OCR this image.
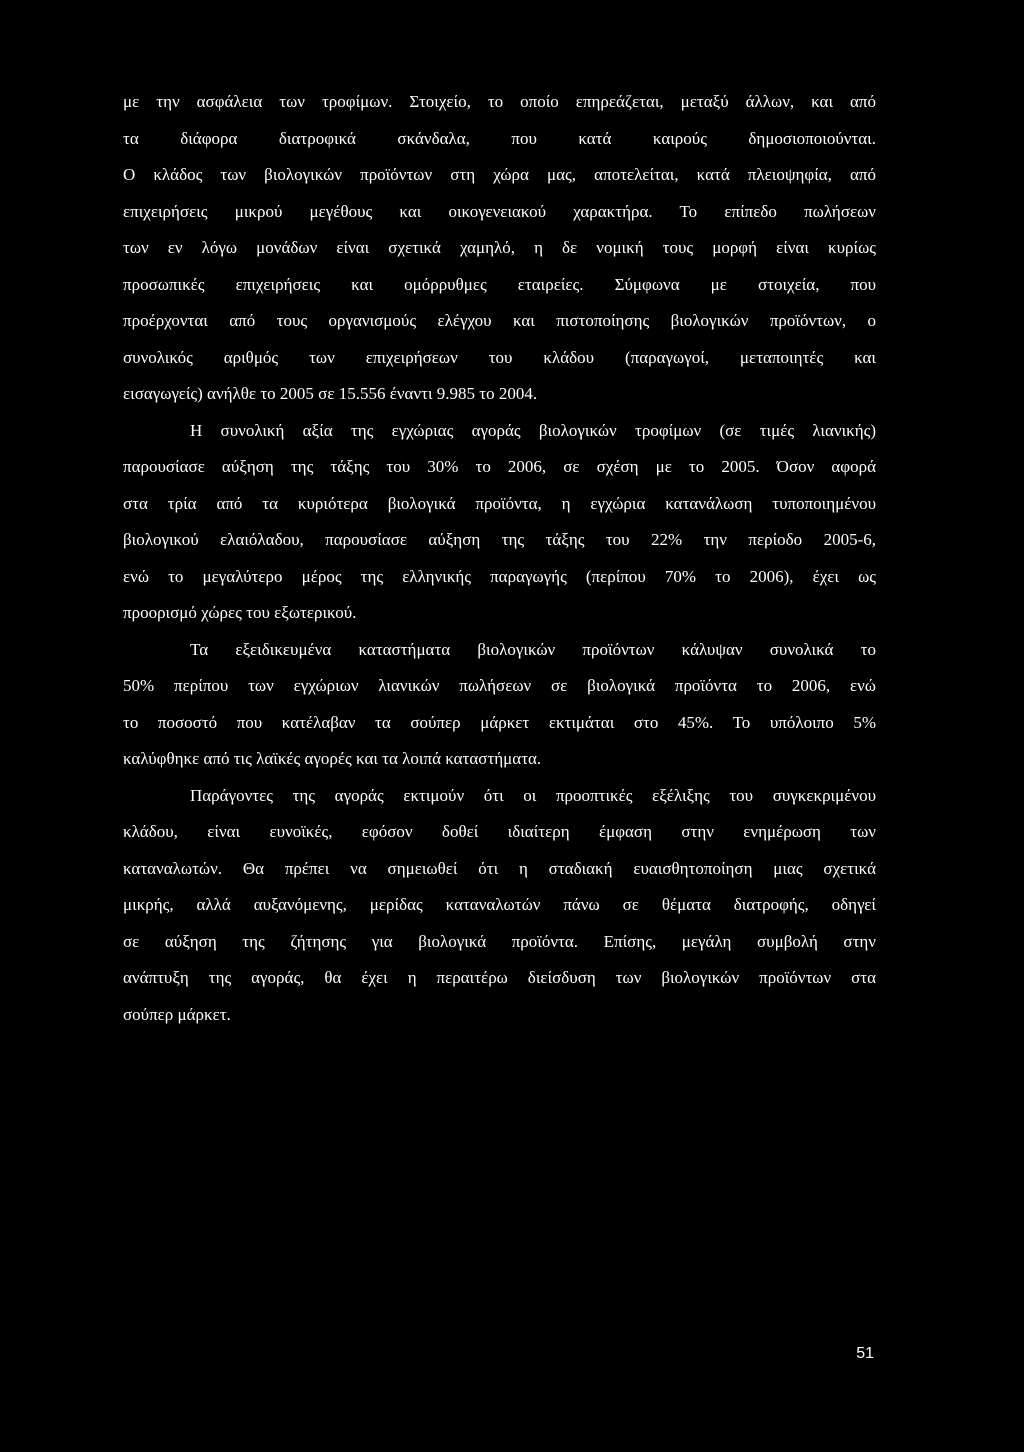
με την ασφάλεια των τροφίμων. Στοιχείο, το οποίο επηρεάζεται, μεταξύ άλλων, και από
τα διάφορα διατροφικά σκάνδαλα, που κατά καιρούς δημοσιοποιούνται.
Ο κλάδος των βιολογικών προϊόντων στη χώρα μας, αποτελείται, κατά πλειοψηφία, από
επιχειρήσεις μικρού μεγέθους και οικογενειακού χαρακτήρα. Το επίπεδο πωλήσεων
των εν λόγω μονάδων είναι σχετικά χαμηλό, η δε νομική τους μορφή είναι κυρίως
προσωπικές επιχειρήσεις και ομόρρυθμες εταιρείες. Σύμφωνα με στοιχεία, που
προέρχονται από τους οργανισμούς ελέγχου και πιστοποίησης βιολογικών προϊόντων, ο
συνολικός αριθμός των επιχειρήσεων του κλάδου (παραγωγοί, μεταποιητές και
εισαγωγείς) ανήλθε το 2005 σε 15.556 έναντι 9.985 το 2004.
Η συνολική αξία της εγχώριας αγοράς βιολογικών τροφίμων (σε τιμές λιανικής)
παρουσίασε αύξηση της τάξης του 30% το 2006, σε σχέση με το 2005. Όσον αφορά
στα τρία από τα κυριότερα βιολογικά προϊόντα, η εγχώρια κατανάλωση τυποποιημένου
βιολογικού ελαιόλαδου, παρουσίασε αύξηση της τάξης του 22% την περίοδο 2005-6,
ενώ το μεγαλύτερο μέρος της ελληνικής παραγωγής (περίπου 70% το 2006), έχει ως
προορισμό χώρες του εξωτερικού.
Τα εξειδικευμένα καταστήματα βιολογικών προϊόντων κάλυψαν συνολικά το
50% περίπου των εγχώριων λιανικών πωλήσεων σε βιολογικά προϊόντα το 2006, ενώ
το ποσοστό που κατέλαβαν τα σούπερ μάρκετ εκτιμάται στο 45%. Το υπόλοιπο 5%
καλύφθηκε από τις λαϊκές αγορές και τα λοιπά καταστήματα.
Παράγοντες της αγοράς εκτιμούν ότι οι προοπτικές εξέλιξης του συγκεκριμένου
κλάδου, είναι ευνοϊκές, εφόσον δοθεί ιδιαίτερη έμφαση στην ενημέρωση των
καταναλωτών. Θα πρέπει να σημειωθεί ότι η σταδιακή ευαισθητοποίηση μιας σχετικά
μικρής, αλλά αυξανόμενης, μερίδας καταναλωτών πάνω σε θέματα διατροφής, οδηγεί
σε αύξηση της ζήτησης για βιολογικά προϊόντα. Επίσης, μεγάλη συμβολή στην
ανάπτυξη της αγοράς, θα έχει η περαιτέρω διείσδυση των βιολογικών προϊόντων στα
σούπερ μάρκετ.
51
